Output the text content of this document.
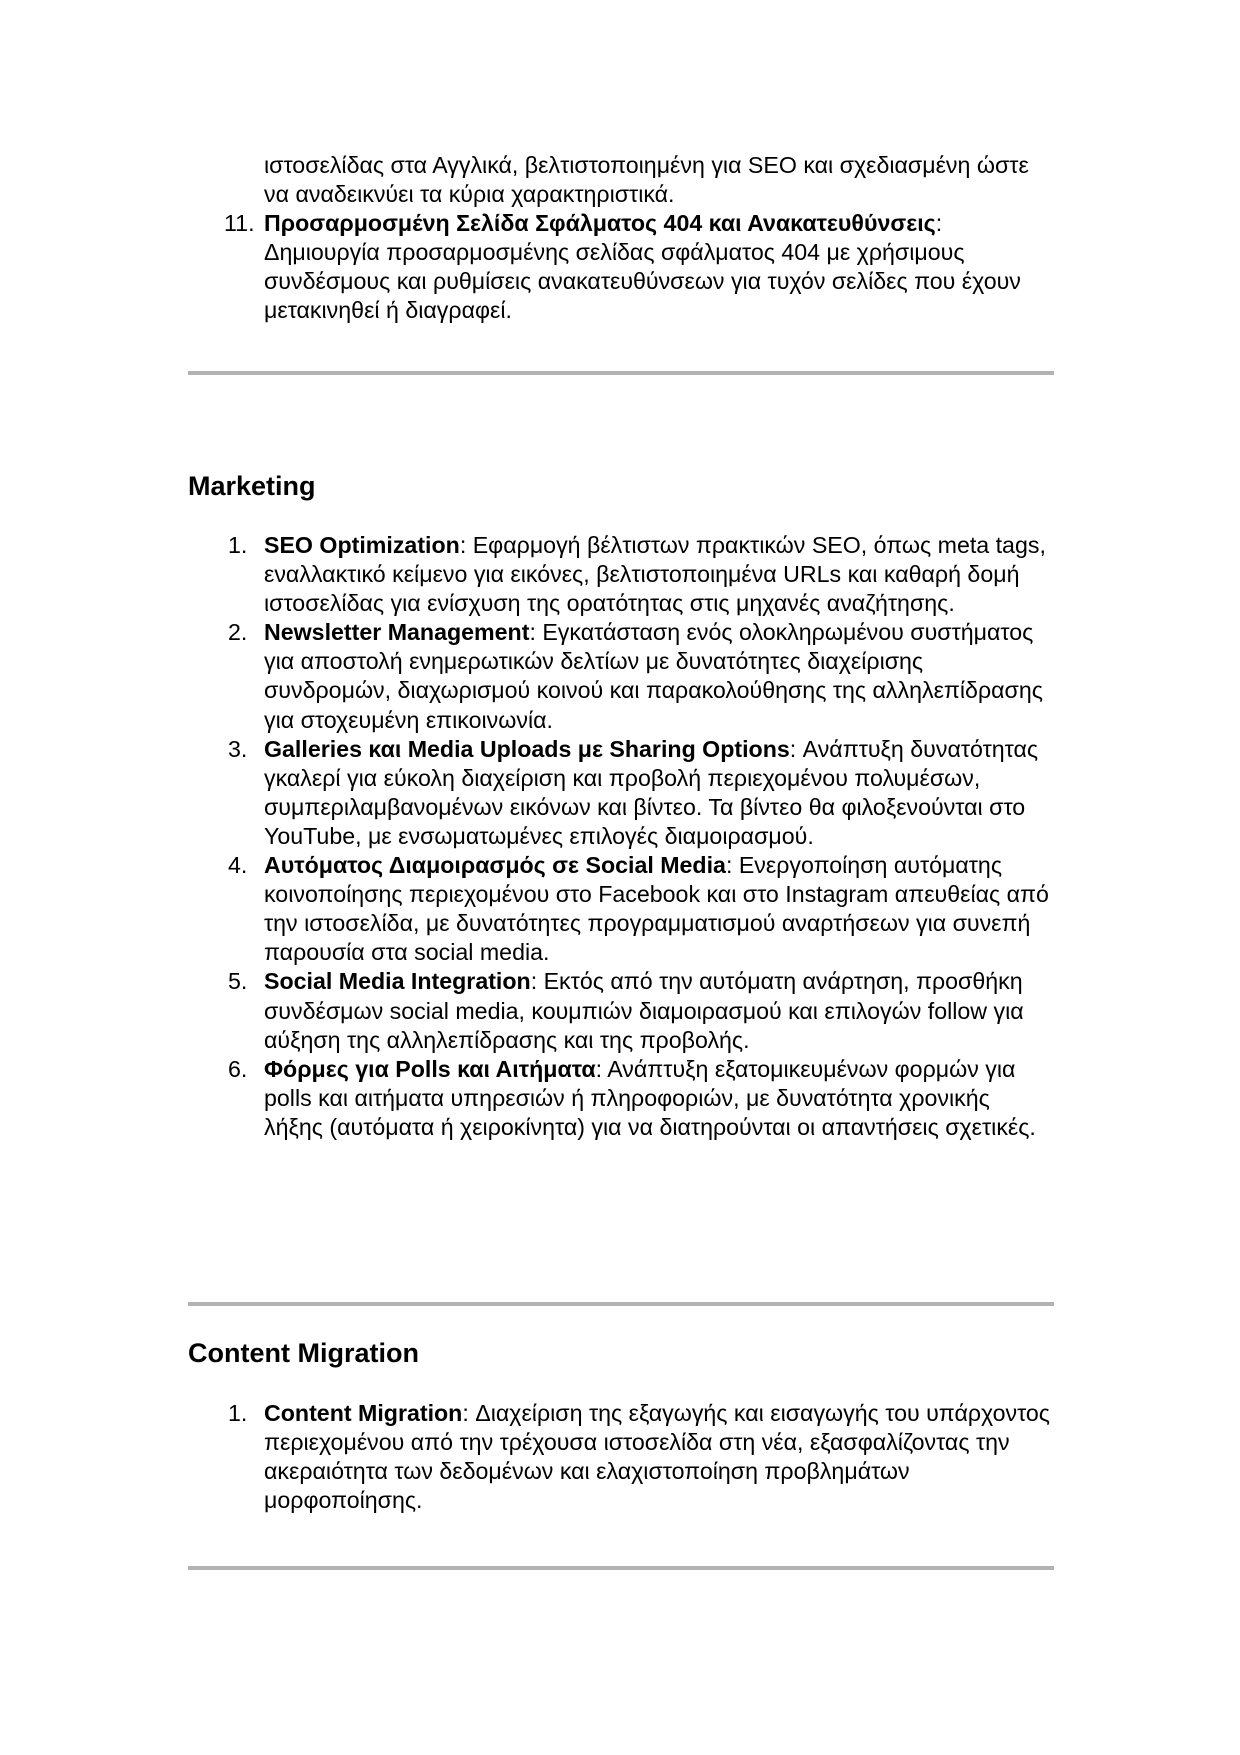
ιστοσελίδας στα Αγγλικά, βελτιστοποιημένη για SEO και σχεδιασμένη ώστε να αναδεικνύει τα κύρια χαρακτηριστικά.
11. Προσαρμοσμένη Σελίδα Σφάλματος 404 και Ανακατευθύνσεις: Δημιουργία προσαρμοσμένης σελίδας σφάλματος 404 με χρήσιμους συνδέσμους και ρυθμίσεις ανακατευθύνσεων για τυχόν σελίδες που έχουν μετακινηθεί ή διαγραφεί.
Marketing
1. SEO Optimization: Εφαρμογή βέλτιστων πρακτικών SEO, όπως meta tags, εναλλακτικό κείμενο για εικόνες, βελτιστοποιημένα URLs και καθαρή δομή ιστοσελίδας για ενίσχυση της ορατότητας στις μηχανές αναζήτησης.
2. Newsletter Management: Εγκατάσταση ενός ολοκληρωμένου συστήματος για αποστολή ενημερωτικών δελτίων με δυνατότητες διαχείρισης συνδρομών, διαχωρισμού κοινού και παρακολούθησης της αλληλεπίδρασης για στοχευμένη επικοινωνία.
3. Galleries και Media Uploads με Sharing Options: Ανάπτυξη δυνατότητας γκαλερί για εύκολη διαχείριση και προβολή περιεχομένου πολυμέσων, συμπεριλαμβανομένων εικόνων και βίντεο. Τα βίντεο θα φιλοξενούνται στο YouTube, με ενσωματωμένες επιλογές διαμοιρασμού.
4. Αυτόματος Διαμοιρασμός σε Social Media: Ενεργοποίηση αυτόματης κοινοποίησης περιεχομένου στο Facebook και στο Instagram απευθείας από την ιστοσελίδα, με δυνατότητες προγραμματισμού αναρτήσεων για συνεπή παρουσία στα social media.
5. Social Media Integration: Εκτός από την αυτόματη ανάρτηση, προσθήκη συνδέσμων social media, κουμπιών διαμοιρασμού και επιλογών follow για αύξηση της αλληλεπίδρασης και της προβολής.
6. Φόρμες για Polls και Αιτήματα: Ανάπτυξη εξατομικευμένων φορμών για polls και αιτήματα υπηρεσιών ή πληροφοριών, με δυνατότητα χρονικής λήξης (αυτόματα ή χειροκίνητα) για να διατηρούνται οι απαντήσεις σχετικές.
Content Migration
1. Content Migration: Διαχείριση της εξαγωγής και εισαγωγής του υπάρχοντος περιεχομένου από την τρέχουσα ιστοσελίδα στη νέα, εξασφαλίζοντας την ακεραιότητα των δεδομένων και ελαχιστοποίηση προβλημάτων μορφοποίησης.
